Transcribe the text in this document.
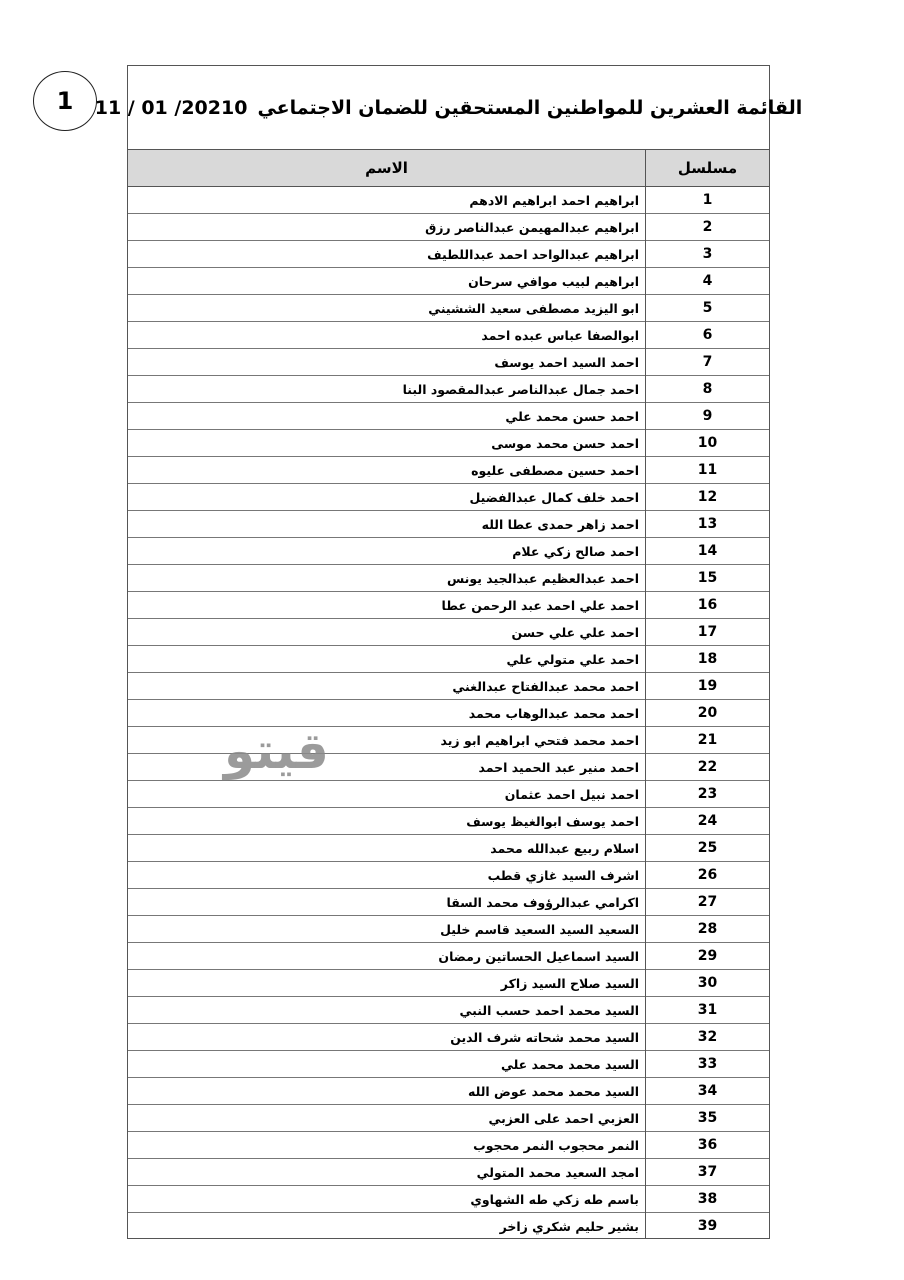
1	القائمة العشرين للمواطنين المستحقين للضمان الاجتماعي
11 / 01 /20210
مسلسل	الاسم
1	ابراهيم احمد ابراهيم الادهم
2	ابراهيم عبدالمهيمن عبدالناصر رزق
3	ابراهيم عبدالواحد احمد عبداللطيف
4	ابراهيم لبيب موافي سرحان
5	ابو اليزيد مصطفى سعيد الششيني
6	ابوالصفا عباس عبده احمد
7	احمد السيد احمد يوسف
8	احمد جمال عبدالناصر عبدالمقصود البنا
9	احمد حسن محمد علي
10	احمد حسن محمد موسى
11	احمد حسين مصطفى عليوه
12	احمد خلف كمال عبدالفضيل
13	احمد زاهر حمدى عطا الله
14	احمد صالح زكي علام
15	احمد عبدالعظيم عبدالجيد يونس
16	احمد علي احمد عبد الرحمن عطا
17	احمد علي علي حسن
18	احمد علي متولي علي
19	احمد محمد عبدالفتاح عبدالغني
20	احمد محمد عبدالوهاب محمد
21	احمد محمد فتحي ابراهيم ابو زيد
22	احمد منير عبد الحميد احمد
23	احمد نبيل احمد عثمان
24	احمد يوسف ابوالغيظ يوسف
25	اسلام ربيع عبدالله محمد
26	اشرف السيد غازي قطب
27	اكرامي عبدالرؤوف محمد السقا
28	السعيد السيد السعيد قاسم خليل
29	السيد اسماعيل الحساتين رمضان
30	السيد صلاح السيد زاكر
31	السيد محمد احمد حسب النبي
32	السيد محمد شحاته شرف الدين
33	السيد محمد محمد علي
34	السيد محمد محمد عوض الله
35	العزبي احمد على العزبي
36	النمر محجوب النمر محجوب
37	امجد السعيد محمد المتولي
38	باسم طه زكي طه الشهاوي
39	بشير حليم شكري زاخر
قيتو
